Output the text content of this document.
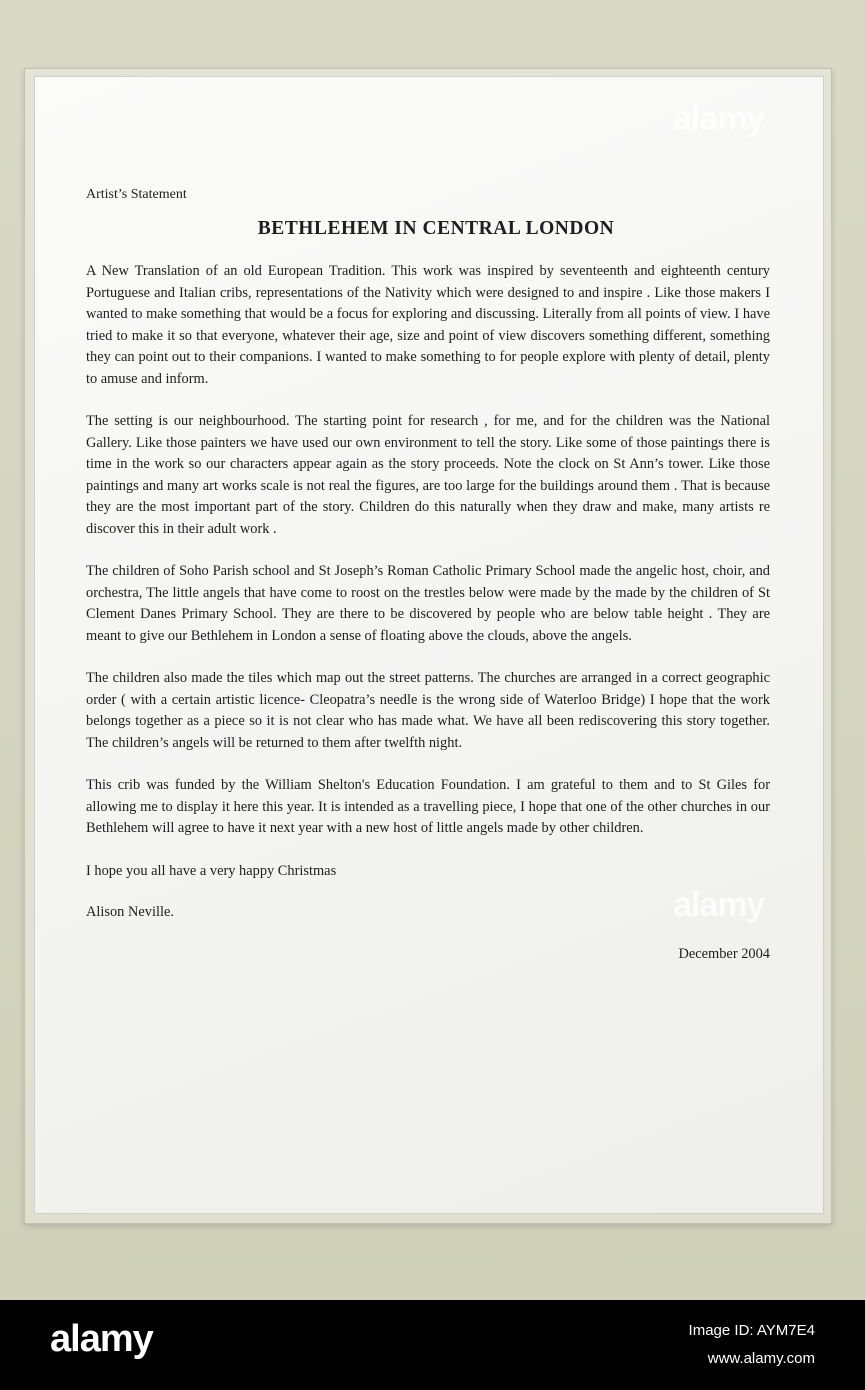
alamy
alamy

Artist’s Statement

BETHLEHEM IN CENTRAL LONDON

A New Translation of an old European Tradition. This work was inspired by seventeenth and eighteenth century Portuguese and Italian cribs, representations of the Nativity which were designed to and inspire . Like those makers I wanted to make something that would be a focus for exploring and discussing. Literally from all points of view. I have tried to make it so that everyone, whatever their age, size and point of view discovers something different, something they can point out to their companions. I wanted to make something to for people explore with plenty of detail, plenty to amuse and inform.

The setting is our neighbourhood. The starting point for research , for me, and for the children was the National Gallery. Like those painters we have used our own environment to tell the story. Like some of those paintings there is time in the work so our characters appear again as the story proceeds. Note the clock on St Ann’s tower. Like those paintings and many art works scale is not real the figures, are too large for the buildings around them . That is because they are the most important part of the story. Children do this naturally when they draw and make, many artists re discover this in their adult work .

The children of Soho Parish school and St Joseph’s Roman Catholic Primary School made the angelic host, choir, and orchestra, The little angels that have come to roost on the trestles below were made by the made by the children of St Clement Danes Primary School. They are there to be discovered by people who are below table height . They are meant to give our Bethlehem in London a sense of floating above the clouds, above the angels.

The children also made the tiles which map out the street patterns. The churches are arranged in a correct geographic order ( with a certain artistic licence- Cleopatra’s needle is the wrong side of Waterloo Bridge) I hope that the work belongs together as a piece so it is not clear who has made what. We have all been rediscovering this story together. The children’s angels will be returned to them after twelfth night.

This crib was funded by the William Shelton's Education Foundation. I am grateful to them and to St Giles for allowing me to display it here this year. It is intended as a travelling piece, I hope that one of the other churches in our Bethlehem will agree to have it next year with a new host of little angels made by other children.

I hope you all have a very happy Christmas

Alison Neville.

December 2004

alamy	Image ID: AYM7E4
www.alamy.com
